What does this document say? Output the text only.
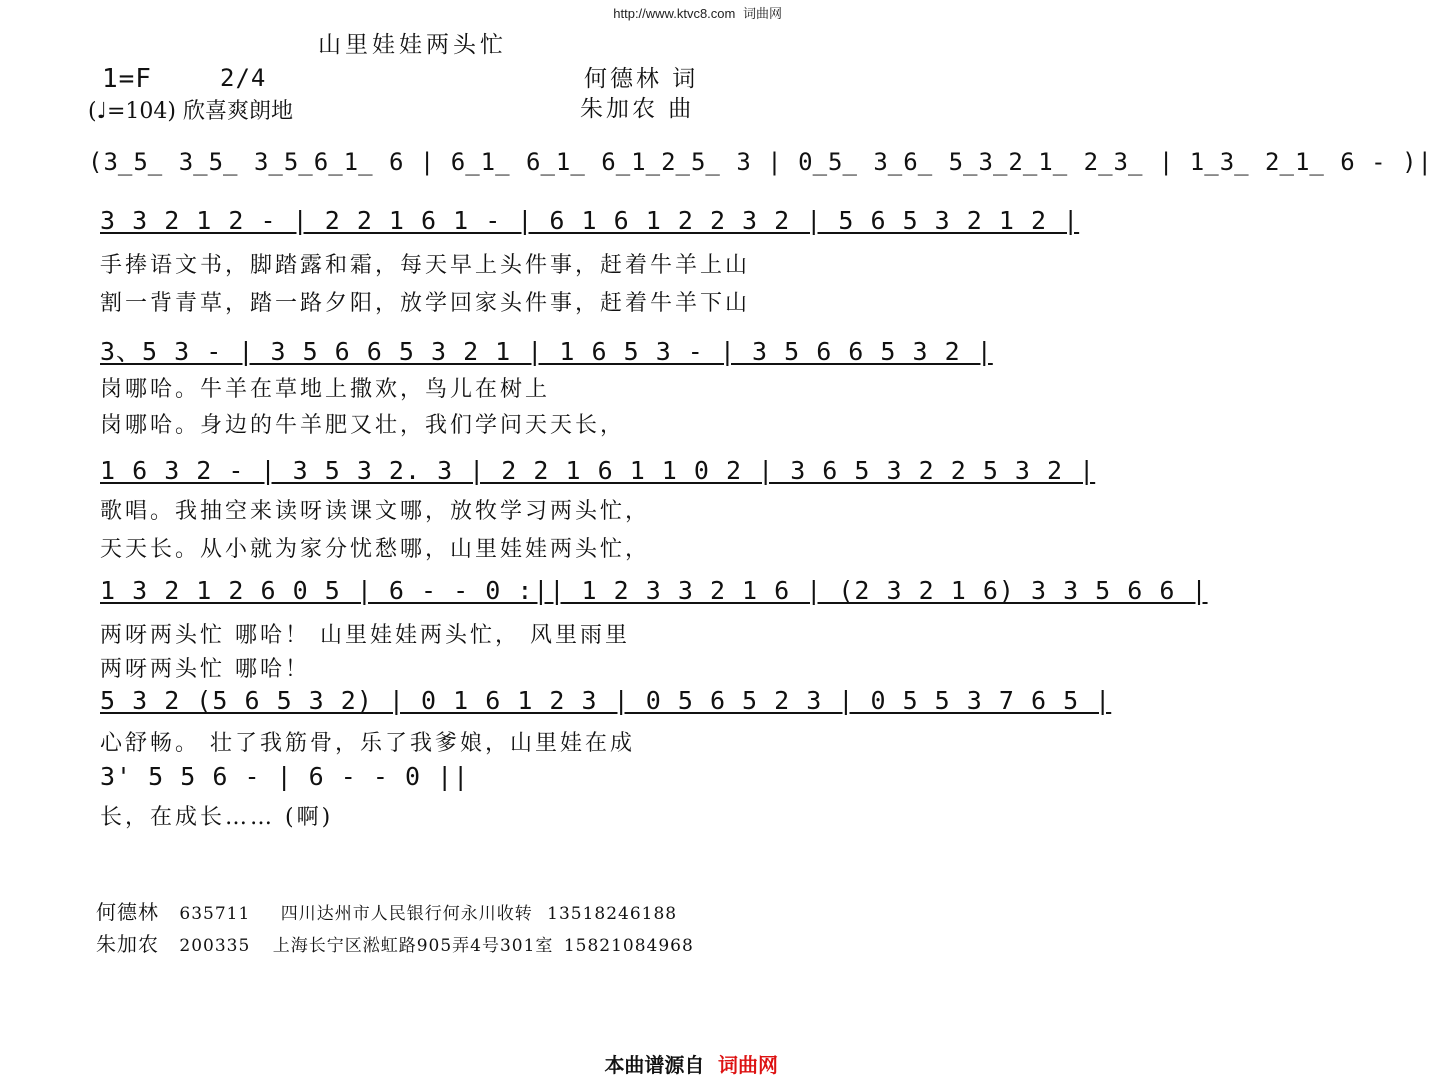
http://www.ktvc8.com 词曲网
山里娃娃两头忙
1=F	2/4
(♩=104) 欣喜爽朗地
何德林 词
朱加农 曲
(3̲5̲ 3̲5̲ 3̲5̲6̲1̲ 6 | 6̲1̲ 6̲1̲ 6̲1̲2̲5̲ 3 | 0̲5̲ 3̲6̲ 5̲3̲2̲1̲ 2̲3̲ | 1̲3̲ 2̲1̲ 6 - )|
3 3 2 1 2 - | 2 2 1 6 1 - | 6 1 6 1 2 2 3 2 | 5 6 5 3 2 1 2 |
手捧语文书，脚踏露和霜，每天早上头件事，赶着牛羊上山
割一背青草，踏一路夕阳，放学回家头件事，赶着牛羊下山
3、5 3 - | 3 5 6 6 5 3 2 1 | 1 6 5 3 - | 3 5 6 6 5 3 2 |
岗哪哈。牛羊在草地上撒欢，鸟儿在树上
岗哪哈。身边的牛羊肥又壮，我们学问天天长，
1 6 3 2 - | 3 5 3 2. 3 | 2 2 1 6 1 1 0 2 | 3 6 5 3 2 2 5 3 2 |
歌唱。我抽空来读呀读课文哪，放牧学习两头忙，
天天长。从小就为家分忧愁哪，山里娃娃两头忙，
1 3 2 1 2 6 0 5 | 6 - - 0 :|| 1 2 3 3 2 1 6 | (2 3 2 1 6) 3 3 5 6 6 |
两呀两头忙 哪哈！ 山里娃娃两头忙， 风里雨里
两呀两头忙 哪哈！
5 3 2 (5 6 5 3 2) | 0 1 6 1 2 3 | 0 5 6 5 2 3 | 0 5 5 3 7 6 5 |
心舒畅。 壮了我筋骨，乐了我爹娘，山里娃在成
3' 5 5 6 - | 6 - - 0 ||
长，在成长…… (啊)
何德林 635711 四川达州市人民银行何永川收转 13518246188
朱加农 200335 上海长宁区淞虹路905弄4号301室 15821084968
本曲谱源自 词曲网
